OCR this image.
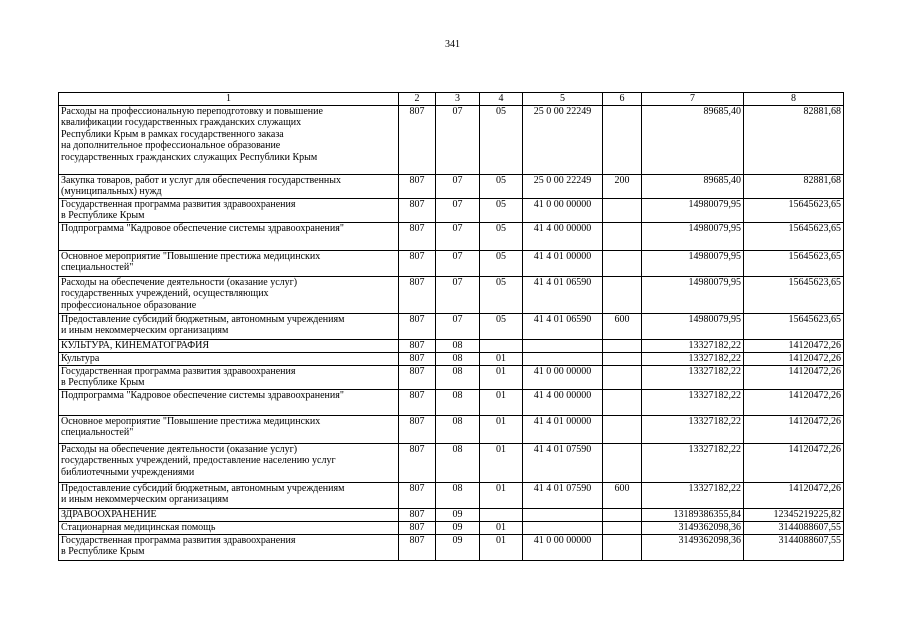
341
1	2	3	4	5	6	7	8

Расходы на профессиональную переподготовку и повышение
квалификации государственных гражданских служащих
Республики Крым в рамках государственного заказа
на дополнительное профессиональное образование
государственных гражданских служащих Республики Крым	807	07	05	25 0 00 22249		89685,40	82881,68

Закупка товаров, работ и услуг для обеспечения государственных
(муниципальных) нужд	807	07	05	25 0 00 22249	200	89685,40	82881,68

Государственная программа развития здравоохранения
в Республике Крым	807	07	05	41 0 00 00000		14980079,95	15645623,65

Подпрограмма "Кадровое обеспечение системы здравоохранения"	807	07	05	41 4 00 00000		14980079,95	15645623,65

Основное мероприятие "Повышение престижа медицинских
специальностей"	807	07	05	41 4 01 00000		14980079,95	15645623,65

Расходы на обеспечение деятельности (оказание услуг)
государственных учреждений, осуществляющих
профессиональное образование	807	07	05	41 4 01 06590		14980079,95	15645623,65

Предоставление субсидий бюджетным, автономным учреждениям
и иным некоммерческим организациям	807	07	05	41 4 01 06590	600	14980079,95	15645623,65

КУЛЬТУРА, КИНЕМАТОГРАФИЯ	807	08				13327182,22	14120472,26

Культура	807	08	01			13327182,22	14120472,26

Государственная программа развития здравоохранения
в Республике Крым	807	08	01	41 0 00 00000		13327182,22	14120472,26

Подпрограмма "Кадровое обеспечение системы здравоохранения"	807	08	01	41 4 00 00000		13327182,22	14120472,26

Основное мероприятие "Повышение престижа медицинских
специальностей"	807	08	01	41 4 01 00000		13327182,22	14120472,26

Расходы на обеспечение деятельности (оказание услуг)
государственных учреждений, предоставление населению услуг
библиотечными учреждениями	807	08	01	41 4 01 07590		13327182,22	14120472,26

Предоставление субсидий бюджетным, автономным учреждениям
и иным некоммерческим организациям	807	08	01	41 4 01 07590	600	13327182,22	14120472,26

ЗДРАВООХРАНЕНИЕ	807	09				13189386355,84	12345219225,82

Стационарная медицинская помощь	807	09	01			3149362098,36	3144088607,55

Государственная программа развития здравоохранения
в Республике Крым	807	09	01	41 0 00 00000		3149362098,36	3144088607,55
